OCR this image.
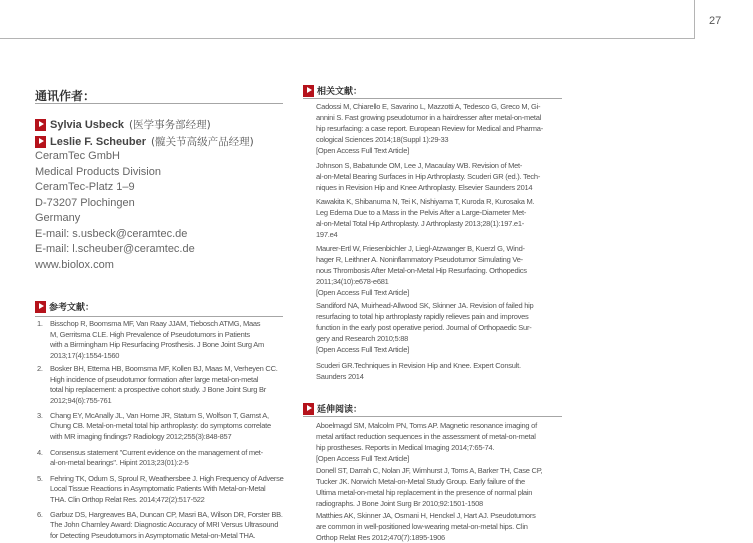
27
通讯作者：
Sylvia Usbeck (医学事务部经理)
Leslie F. Scheuber (髋关节高级产品经理)
CeramTec GmbH
Medical Products Division
CeramTec-Platz 1–9
D-73207 Plochingen
Germany
E-mail: s.usbeck@ceramtec.de
E-mail: l.scheuber@ceramtec.de
www.biolox.com
参考文献：
1. Bisschop R, Boomsma MF, Van Raay JJAM, Tiebosch ATMG, Maas
M, Gerritsma CLE. High Prevalence of Pseudotumors in Patients
with a Birmingham Hip Resurfacing Prosthesis. J Bone Joint Surg Am
2013;17(4):1554-1560
2. Bosker BH, Ettema HB, Boomsma MF, Kollen BJ, Maas M, Verheyen CC.
High incidence of pseudotumor formation after large metal-on-metal
total hip replacement: a prospective cohort study. J Bone Joint Surg Br
2012;94(6):755-761
3. Chang EY, McAnally JL, Van Horne JR, Statum S, Wolfson T, Gamst A,
Chung CB. Metal-on-metal total hip arthroplasty: do symptoms correlate
with MR imaging findings? Radiology 2012;255(3):848-857
4. Consensus statement "Current evidence on the management of met-
al-on-metal bearings". Hipint 2013;23(01):2-5
5. Fehring TK, Odum S, Sproul R, Weathersbee J. High Frequency of Adverse
Local Tissue Reactions in Asymptomatic Patients With Metal-on-Metal
THA. Clin Orthop Relat Res. 2014;472(2):517-522
6. Garbuz DS, Hargreaves BA, Duncan CP, Masri BA, Wilson DR, Forster BB.
The John Charnley Award: Diagnostic Accuracy of MRI Versus Ultrasound
for Detecting Pseudotumors in Asymptomatic Metal-on-Metal THA.
相关文献：
Cadossi M, Chiarello E, Savarino L, Mazzotti A, Tedesco G, Greco M, Gi-
annini S. Fast growing pseudotumor in a hairdresser after metal-on-metal
hip resurfacing: a case report. European Review for Medical and Pharma-
cological Sciences 2014;18(Suppl 1):29-33
[Open Access Full Text Article]
Johnson S, Babatunde OM, Lee J, Macaulay WB. Revision of Met-
al-on-Metal Bearing Surfaces in Hip Arthroplasty. Scuderi GR (ed.). Tech-
niques in Revision Hip and Knee Arthroplasty. Elsevier Saunders 2014
Kawakita K, Shibanuma N, Tei K, Nishiyama T, Kuroda R, Kurosaka M.
Leg Edema Due to a Mass in the Pelvis After a Large-Diameter Met-
al-on-Metal Total Hip Arthroplasty. J Arthroplasty 2013;28(1):197.e1-
197.e4
Maurer-Ertl W, Friesenbichler J, Liegl-Atzwanger B, Kuerzl G, Wind-
hager R, Leithner A. Noninflammatory Pseudotumor Simulating Ve-
nous Thrombosis After Metal-on-Metal Hip Resurfacing. Orthopedics
2011;34(10):e678-e681
[Open Access Full Text Article]
Sandiford NA, Muirhead-Allwood SK, Skinner JA. Revision of failed hip
resurfacing to total hip arthroplasty rapidly relieves pain and improves
function in the early post operative period. Journal of Orthopaedic Sur-
gery and Research 2010;5:88
[Open Access Full Text Article]
Scuderi GR.Techniques in Revision Hip and Knee. Expert Consult.
Saunders 2014
延伸阅读：
Aboelmagd SM, Malcolm PN, Toms AP. Magnetic resonance imaging of
metal artifact reduction sequences in the assessment of metal-on-metal
hip prostheses. Reports in Medical Imaging 2014;7:65-74.
[Open Access Full Text Article]
Donell ST, Darrah C, Nolan JF, Wimhurst J, Toms A, Barker TH, Case CP,
Tucker JK. Norwich Metal-on-Metal Study Group. Early failure of the
Ultima metal-on-metal hip replacement in the presence of normal plain
radiographs. J Bone Joint Surg Br 2010;92:1501-1508
Matthies AK, Skinner JA, Osmani H, Henckel J, Hart AJ. Pseudotumors
are common in well-positioned low-wearing metal-on-metal hips. Clin
Orthop Relat Res 2012;470(7):1895-1906
